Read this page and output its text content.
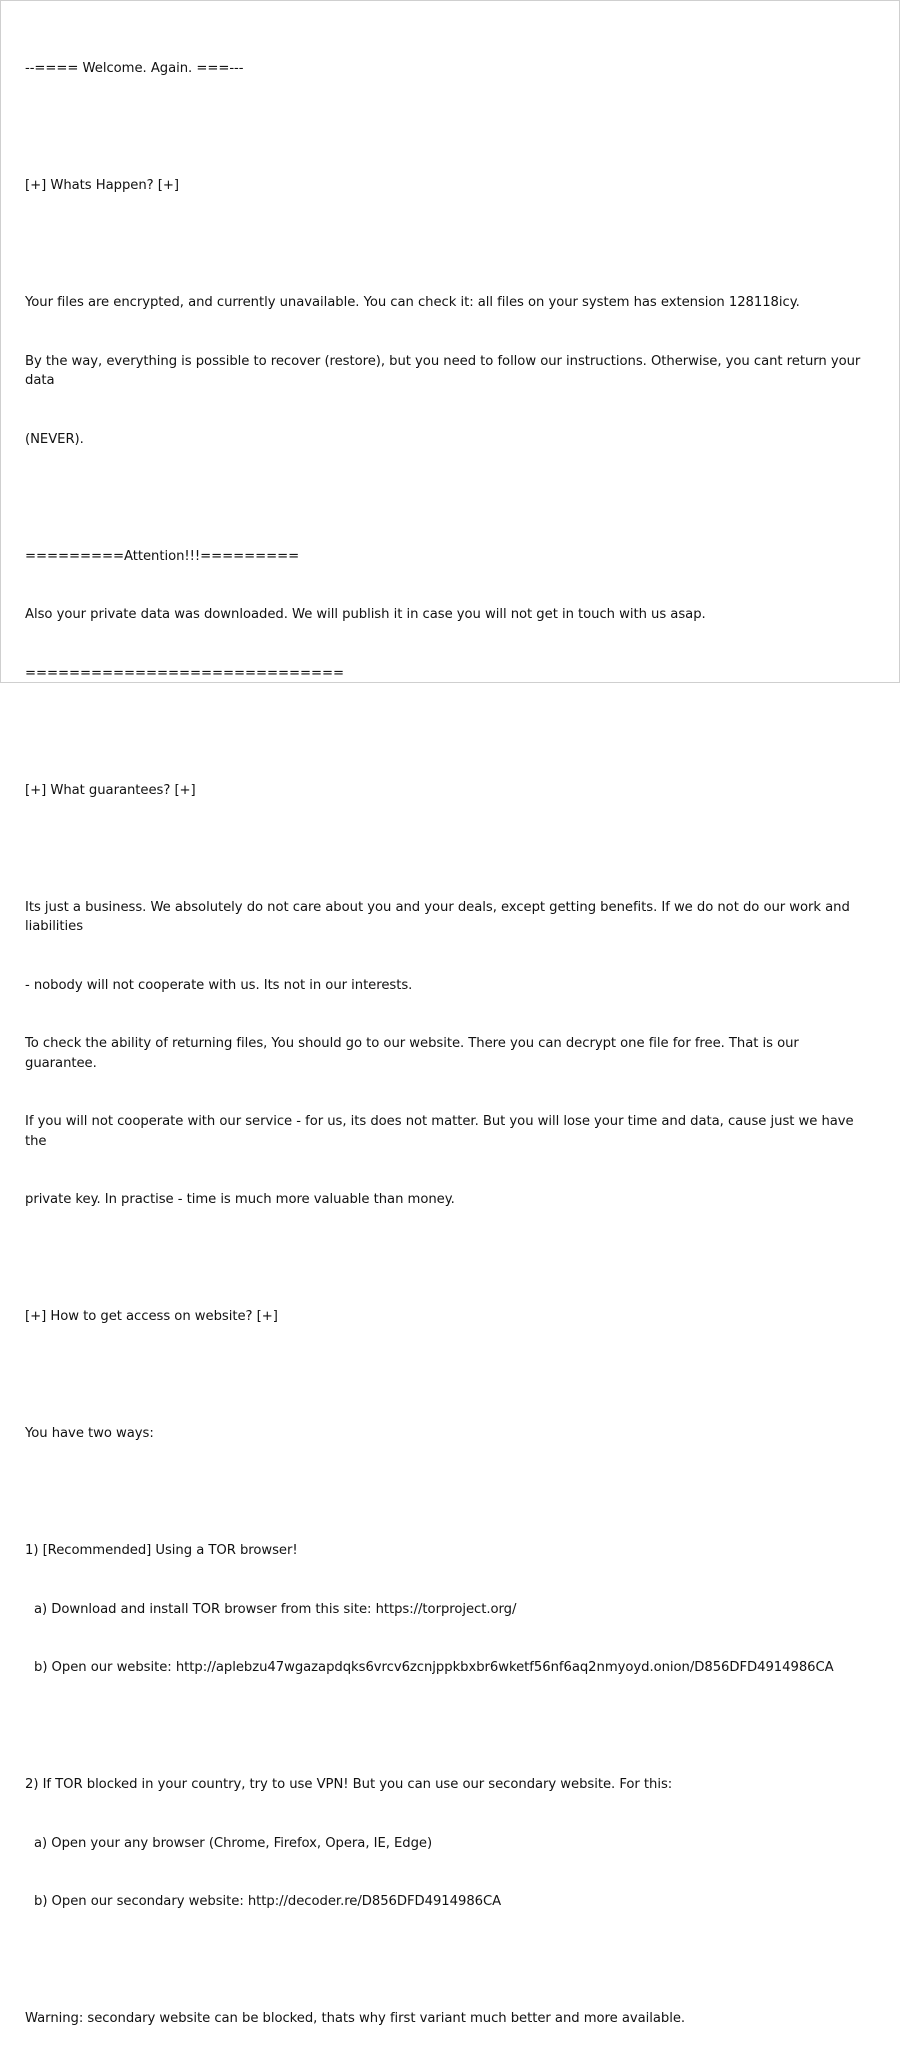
--==== Welcome. Again. ===---

[+] Whats Happen? [+]

Your files are encrypted, and currently unavailable. You can check it: all files on your system has extension 128118icy.

By the way, everything is possible to recover (restore), but you need to follow our instructions. Otherwise, you cant return your data

(NEVER).

=========Attention!!!=========

Also your private data was downloaded. We will publish it in case you will not get in touch with us asap.

=============================

[+] What guarantees? [+]

Its just a business. We absolutely do not care about you and your deals, except getting benefits. If we do not do our work and liabilities

- nobody will not cooperate with us. Its not in our interests.

To check the ability of returning files, You should go to our website. There you can decrypt one file for free. That is our guarantee.

If you will not cooperate with our service - for us, its does not matter. But you will lose your time and data, cause just we have the

private key. In practise - time is much more valuable than money.

[+] How to get access on website? [+]

You have two ways:

1) [Recommended] Using a TOR browser!

a) Download and install TOR browser from this site: https://torproject.org/

b) Open our website: http://aplebzu47wgazapdqks6vrcv6zcnjppkbxbr6wketf56nf6aq2nmyoyd.onion/D856DFD4914986CA

2) If TOR blocked in your country, try to use VPN! But you can use our secondary website. For this:

a) Open your any browser (Chrome, Firefox, Opera, IE, Edge)

b) Open our secondary website: http://decoder.re/D856DFD4914986CA

Warning: secondary website can be blocked, thats why first variant much better and more available.
